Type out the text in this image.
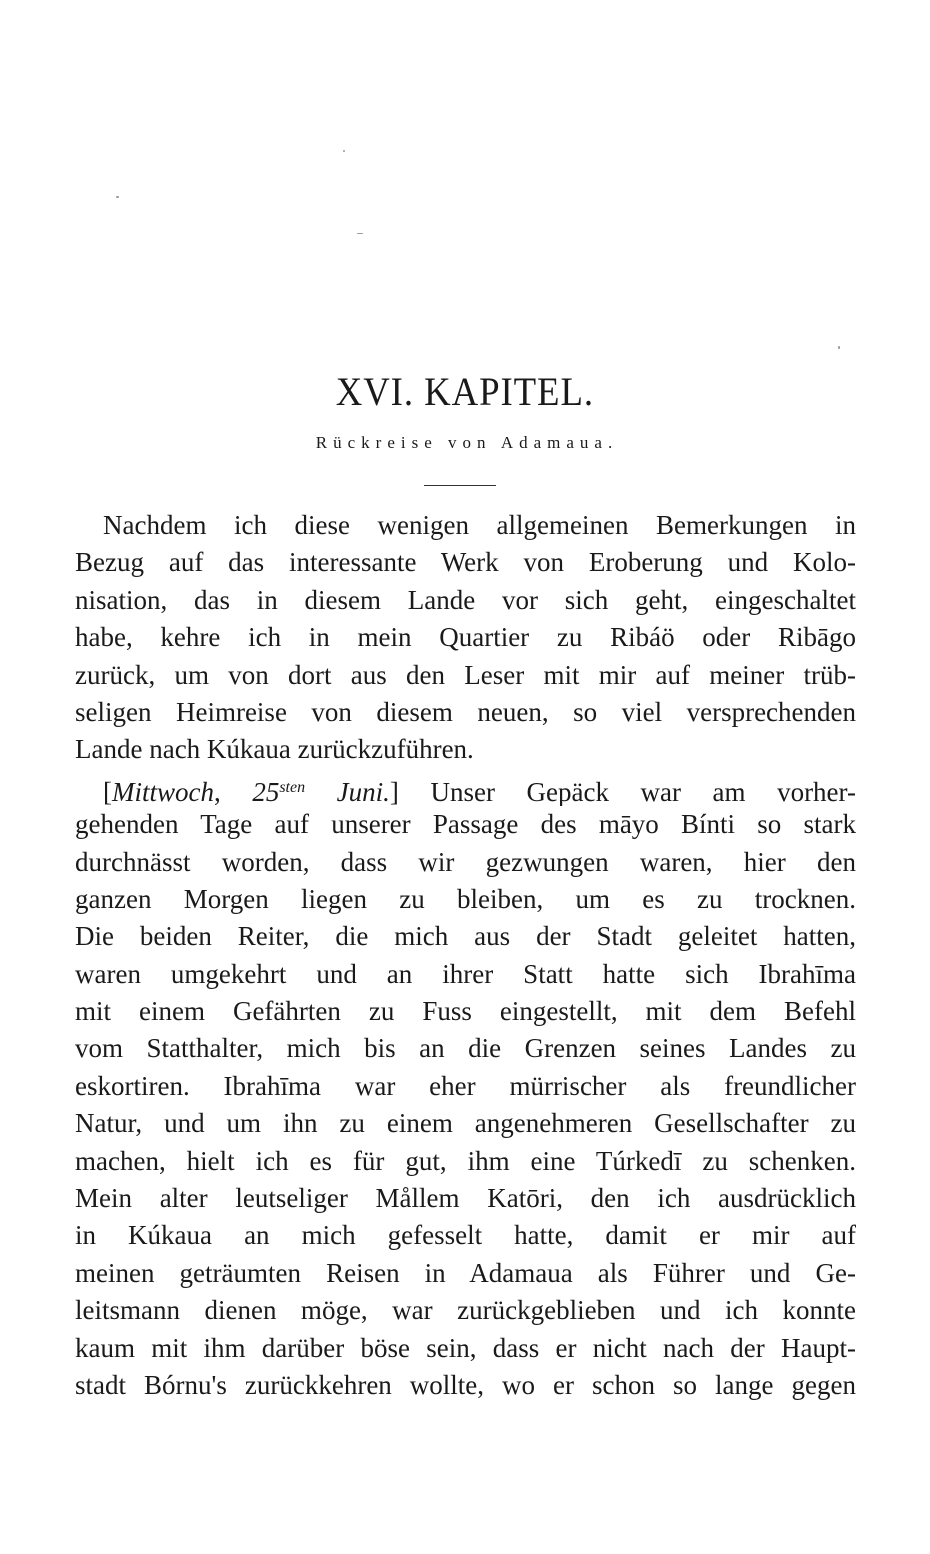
XVI. KAPITEL.
Rückreise von Adamaua.
Nachdem ich diese wenigen allgemeinen Bemerkungen in
Bezug auf das interessante Werk von Eroberung und Kolo-
nisation, das in diesem Lande vor sich geht, eingeschaltet
habe, kehre ich in mein Quartier zu Ribáö oder Ribāgo
zurück, um von dort aus den Leser mit mir auf meiner trüb-
seligen Heimreise von diesem neuen, so viel versprechenden
Lande nach Kúkaua zurückzuführen.
[Mittwoch, $25^{sten}$ Juni.] Unser Gepäck war am vorher-
gehenden Tage auf unserer Passage des māyo Bínti so stark
durchnässt worden, dass wir gezwungen waren, hier den
ganzen Morgen liegen zu bleiben, um es zu trocknen.
Die beiden Reiter, die mich aus der Stadt geleitet hatten,
waren umgekehrt und an ihrer Statt hatte sich Ibrahīma
mit einem Gefährten zu Fuss eingestellt, mit dem Befehl
vom Statthalter, mich bis an die Grenzen seines Landes zu
eskortiren. Ibrahīma war eher mürrischer als freundlicher
Natur, und um ihn zu einem angenehmeren Gesellschafter zu
machen, hielt ich es für gut, ihm eine Túrkedī zu schenken.
Mein alter leutseliger Mållem Katōri, den ich ausdrücklich
in Kúkaua an mich gefesselt hatte, damit er mir auf
meinen geträumten Reisen in Adamaua als Führer und Ge-
leitsmann dienen möge, war zurückgeblieben und ich konnte
kaum mit ihm darüber böse sein, dass er nicht nach der Haupt-
stadt Bórnu's zurückkehren wollte, wo er schon so lange gegen
